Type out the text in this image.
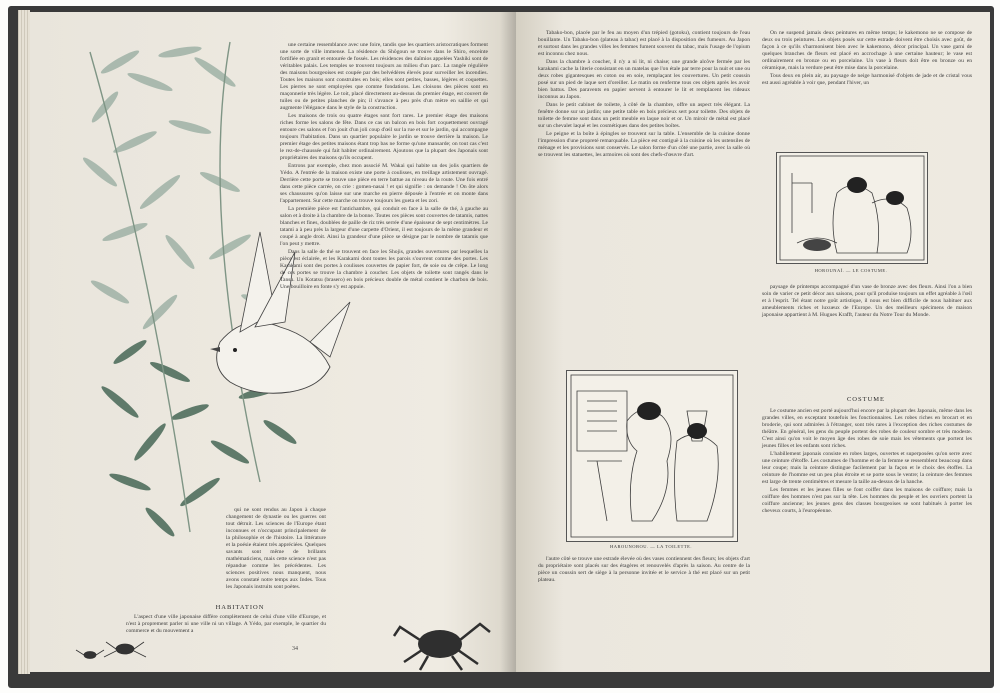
qui ne sont rendus au Japon à chaque changement de dynastie ou les guerres ont tout détruit. Les sciences de l'Europe étant inconnues et n'occupant principalement de la philosophie et de l'histoire. La littérature et la poésie étaient très appréciées. Quelques savants sont même de brillants mathématiciens, mais cette science n'est pas répandue comme les précédentes. Les sciences positives nous manquent, nous avons constaté notre temps aux Indes. Tous les Japonais instruits sont poètes.

HABITATION

L'aspect d'une ville japonaise diffère complètement de celui d'une ville d'Europe, et n'est à proprement parler ni une ville ni un village. A Yédo, par exemple, le quartier du commerce et du mouvement a

une certaine ressemblance avec une foire, tandis que les quartiers aristocratiques forment une sorte de ville immense. La résidence du Shôgoun se trouve dans le Shiro, enceinte fortifiée en granit et entourée de fossés. Les résidences des daïmios appelées Yashiki sont de véritables palais. Les temples se trouvent toujours au milieu d'un parc. La rangée régulière des maisons bourgeoises est coupée par des belvédères élevés pour surveiller les incendies. Toutes les maisons sont construites en bois; elles sont petites, basses, légères et coquettes. Les pierres ne sont employées que comme fondations. Les cloisons des pièces sont en maçonnerie très légère. Le toit, placé directement au-dessus du premier étage, est couvert de tuiles ou de petites planches de pin; il s'avance à peu près d'un mètre en saillie et qui augmente l'élégance dans le style de la construction.

Les maisons de trois ou quatre étages sont fort rares. Le premier étage des maisons riches forme les salons de fête. Dans ce cas un balcon en bois fort coquettement ouvragé entoure ces salons et l'on jouit d'un joli coup d'œil sur la rue et sur le jardin, qui accompagne toujours l'habitation. Dans un quartier populaire le jardin se trouve derrière la maison. Le premier étage des petites maisons étant trop bas ne forme qu'une mansarde; on tout cas c'est le rez-de-chaussée qui fait habiter ordinairement. Ajoutons que la plupart des Japonais sont propriétaires des maisons qu'ils occupent.

Entrons par exemple, chez mon associé M. Wakai qui habite un des jolis quartiers de Yédo. A l'entrée de la maison existe une porte à coulisses, en treillage artistement ouvragé. Derrière cette porte se trouve une pièce en terre battue au niveau de la route. Une fois entré dans cette pièce carrée, on crie : gomen-nasai ! et qui signifie : on demande ! On ôte alors ses chaussures qu'on laisse sur une marche en pierre déposée à l'entrée et on monte dans l'appartement. Sur cette marche on trouve toujours les gueta et les zori.

La première pièce est l'antichambre, qui conduit en face à la salle de thé, à gauche au salon et à droite à la chambre de la bonne. Toutes ces pièces sont couvertes de tatamis, nattes blanches et fines, doublées de paille de riz très serrée d'une épaisseur de sept centimètres. Le tatami a à peu près la largeur d'une carpette d'Orient, il est toujours de la même grandeur et coupé à angle droit. Ainsi la grandeur d'une pièce se désigne par le nombre de tatamis que l'on peut y mettre.

Dans la salle de thé se trouvent en face les Shojis, grandes ouvertures par lesquelles la pièce est éclairée, et les Karakami dont toutes les parois s'ouvrent comme des portes. Les Karakami sont des portes à coulisses couvertes de papier fort, de soie ou de crêpe. Le long de ces portes se trouve la chambre à coucher. Les objets de toilette sont rangés dans le Tansu. Un Kotatsu (brasero) en bois précieux double de métal contient le charbon de bois. Une bouilloire en fonte s'y est appuie.

34

Tabako-bon, placée par le feu au moyen d'un trépied (gotoku), contient toujours de l'eau bouillante. Un Tabako-bon (plateau à tabac) est placé à la disposition des fumeurs. Au Japon et surtout dans les grandes villes les femmes fument souvent du tabac, mais l'usage de l'opium est inconnu chez nous.

Dans la chambre à coucher, il n'y a ni lit, ni chaise; une grande alcôve fermée par les karakami cache la literie consistant en un matelas que l'on étale par terre pour la nuit et une ou deux robes gigantesques en coton ou en soie, remplaçant les couvertures. Un petit coussin posé sur un pied de laque sert d'oreiller. Le matin on renferme tous ces objets après les avoir bien battus. Des paravents en papier servent à entourer le lit et remplacent les rideaux inconnus au Japon.

Dans le petit cabinet de toilette, à côté de la chambre, offre un aspect très élégant. La fenêtre donne sur un jardin; une petite table en bois précieux sert pour toilette. Des objets de toilette de femme sont dans un petit meuble en laque noir et or. Un miroir de métal est placé sur un chevalet laqué et les cosmétiques dans des petites boîtes.

Le peigne et la boîte à épingles se trouvent sur la table. L'ensemble de la cuisine donne l'impression d'une propreté remarquable. La pièce est contiguë à la cuisine où les ustensiles de ménage et les provisions sont conservés. Le salon forme d'un côté une partie, avec la salle où se trouvent les statuettes, les armoires où sont des chefs-d'œuvre d'art.

HAROUNOBOU. — LA TOILETTE.

l'autre côté se trouve une estrade élevée où des vases contiennent des fleurs; les objets d'art du propriétaire sont placés sur des étagères et renouvelés d'après la saison. Au centre de la pièce un coussin sert de siège à la personne invitée et le service à thé est placé sur un petit plateau.

On ne suspend jamais deux peintures en même temps; le kakemono ne se compose de deux ou trois peintures. Les objets posés sur cette estrade doivent être choisis avec goût, de façon à ce qu'ils s'harmonisent bien avec le kakemono, décor principal. Un vase garni de quelques branches de fleurs est placé en accrochage à une certaine hauteur; le vase est ordinairement en bronze ou en porcelaine. Un vase à fleurs doit être en bronze ou en céramique, mais la verdure peut être mise dans la porcelaine.

Tous deux en plein air, au paysage de neige harmonisé d'objets de jade et de cristal vous est aussi agréable à voir que, pendant l'hiver, un

HOROUNAÏ. — LE COSTUME.

paysage de printemps accompagné d'un vase de bronze avec des fleurs. Ainsi l'on a bien soin de varier ce petit décor aux saisons, pour qu'il produise toujours un effet agréable à l'œil et à l'esprit. Tel étant notre goût artistique, il nous est bien difficile de nous habituer aux ameublements riches et luxueux de l'Europe. Un des meilleurs spécimens de maison japonaise appartient à M. Hugues Krafft, l'auteur du Notre Tour du Monde.

COSTUME

Le costume ancien est porté aujourd'hui encore par la plupart des Japonais, même dans les grandes villes, en exceptant toutefois les fonctionnaires. Les robes riches en brocart et en broderie, qui sont admirées à l'étranger, sont très rares à l'exception des riches costumes de théâtre. En général, les gens du peuple portent des robes de couleur sombre et très modeste. C'est ainsi qu'on voit le moyen âge des robes de soie mais les vêtements que portent les jeunes filles et les enfants sont riches.

L'habillement japonais consiste en robes larges, ouvertes et superposées qu'on serre avec une ceinture d'étoffe. Les costumes de l'homme et de la femme se ressemblent beaucoup dans leur coupe; mais la ceinture distingue facilement par la façon et le choix des étoffes. La ceinture de l'homme est un peu plus étroite et se porte sous le ventre; la ceinture des femmes est large de trente centimètres et mesure la taille au-dessus de la hanche.

Les femmes et les jeunes filles se font coiffer dans les maisons de coiffure; mais la coiffure des hommes n'est pas sur la tête. Les hommes du peuple et les ouvriers portent la coiffure ancienne; les jeunes gens des classes bourgeoises se sont habitués à porter les cheveux courts, à l'européenne.
